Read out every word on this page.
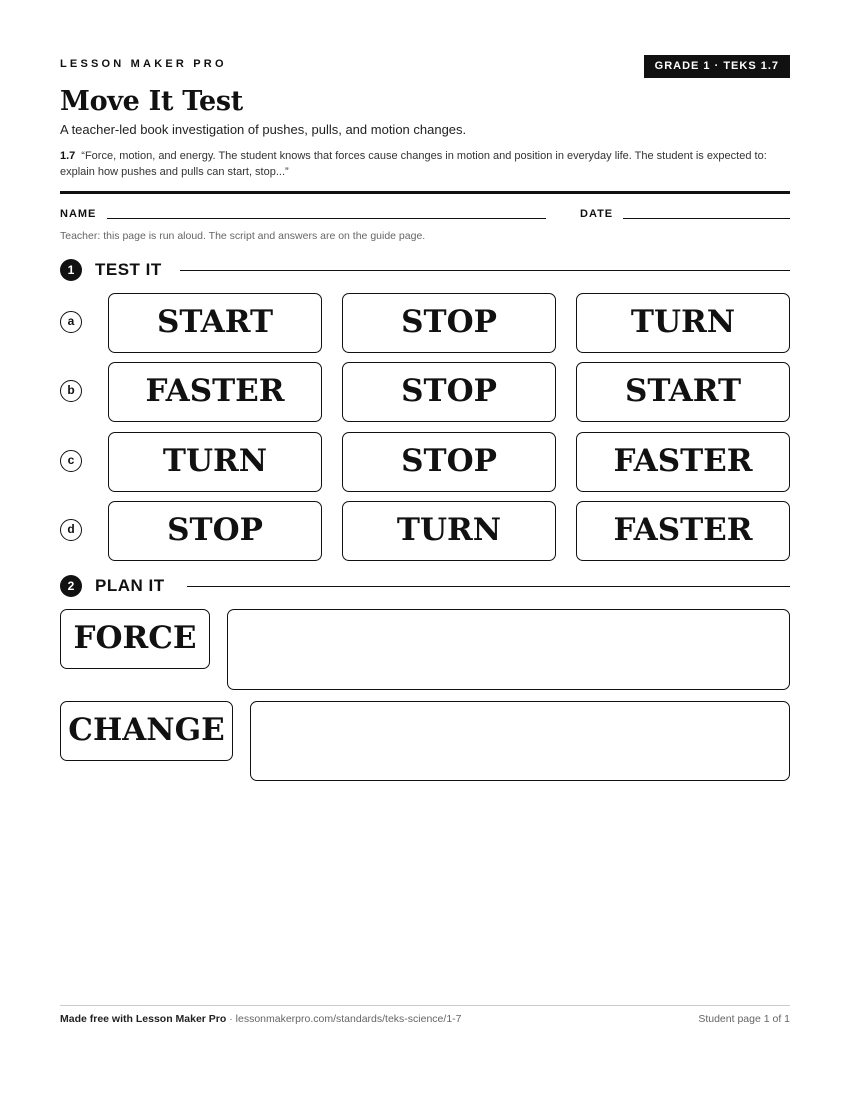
LESSON MAKER PRO	GRADE 1 · TEKS 1.7
Move It Test
A teacher-led book investigation of pushes, pulls, and motion changes.
1.7 “Force, motion, and energy. The student knows that forces cause changes in motion and position in everyday life. The student is expected to: explain how pushes and pulls can start, stop...”
NAME	DATE
Teacher: this page is run aloud. The script and answers are on the guide page.
1	TEST IT
a	START	STOP	TURN
b	FASTER	STOP	START
c	TURN	STOP	FASTER
d	STOP	TURN	FASTER
2	PLAN IT
FORCE
CHANGE
Made free with Lesson Maker Pro · lessonmakerpro.com/standards/teks-science/1-7	Student page 1 of 1
